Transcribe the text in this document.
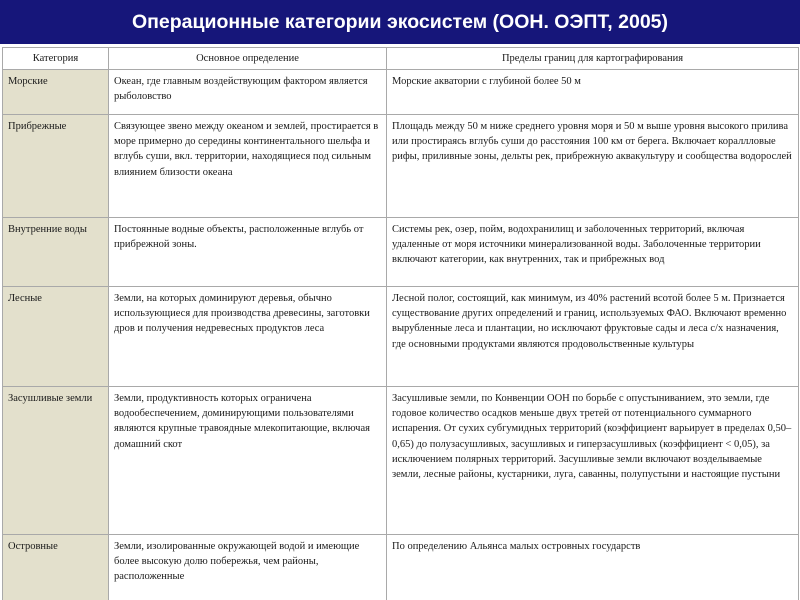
Операционные категории экосистем (ООН. ОЭПТ, 2005)
Категория	Основное определение	Пределы границ для картографирования
Морские	Океан, где главным воздействующим фактором является рыболовство	Морские акватории с глубиной более 50 м
Прибрежные	Связующее звено между океаном и землей, простирается в море примерно до середины континентального шельфа и вглубь суши, вкл. территории, находящиеся под сильным влиянием близости океана	Площадь между 50 м ниже среднего уровня моря и 50 м выше уровня высокого прилива или простираясь вглубь суши до расстояния 100 км от берега. Включает кораллловые рифы, приливные зоны, дельты рек, прибрежную аквакультуру и сообщества водорослей
Внутренние воды	Постоянные водные объекты, расположенные вглубь от прибрежной зоны.	Системы рек, озер, пойм, водохранилищ и заболоченных территорий, включая удаленные от моря источники минерализованной воды. Заболоченные территории включают категории, как внутренних, так и прибрежных вод
Лесные	Земли, на которых доминируют деревья, обычно использующиеся для производства древесины, заготовки дров и получения недревесных продуктов леса	Лесной полог, состоящий, как минимум, из 40% растений всотой более 5 м. Признается существование других определений и границ, используемых ФАО. Включают временно вырубленные леса и плантации, но исключают фруктовые сады и леса с/х назначения, где основными продуктами являются продовольственные культуры
Засушливые земли	Земли, продуктивность которых ограничена водообеспечением, доминирующими пользователями являются крупные травоядные млекопитающие, включая домашний скот	Засушливые земли, по Конвенции ООН по борьбе с опустыниванием, это земли, где годовое количество осадков меньше двух третей от потенциального суммарного испарения. От сухих субгумидных территорий (коэффициент варьирует в пределах 0,50–0,65) до полузасушливых, засушливых и гиперзасушливых (коэффициент < 0,05), за исключением полярных территорий. Засушливые земли включают возделываемые земли, лесные районы, кустарники, луга, саванны, полупустыни и настоящие пустыни
Островные	Земли, изолированные окружающей водой и имеющие более высокую долю побережья, чем районы, расположенные	По определению Альянса малых островных государств
